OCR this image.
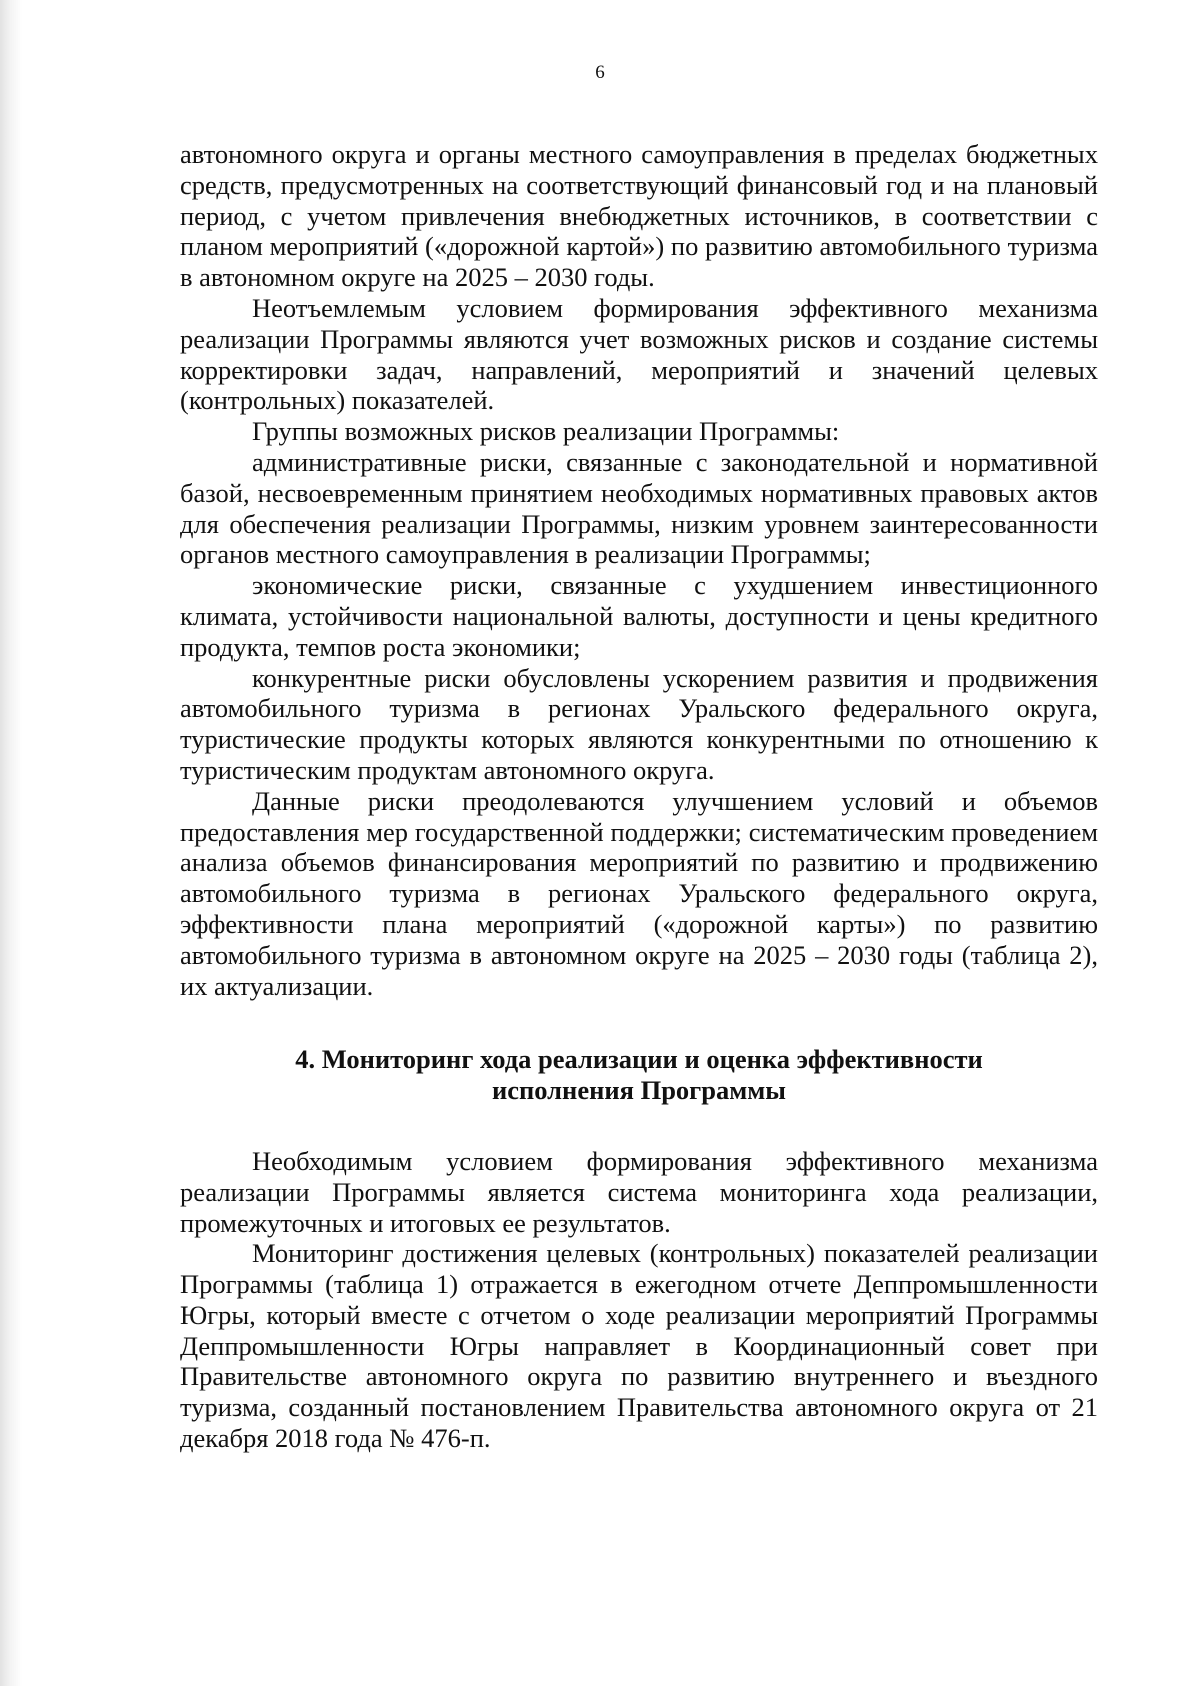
6

автономного округа и органы местного самоуправления в пределах бюджетных средств, предусмотренных на соответствующий финансовый год и на плановый период, с учетом привлечения внебюджетных источников, в соответствии с планом мероприятий («дорожной картой») по развитию автомобильного туризма в автономном округе на 2025 – 2030 годы.

Неотъемлемым условием формирования эффективного механизма реализации Программы являются учет возможных рисков и создание системы корректировки задач, направлений, мероприятий и значений целевых (контрольных) показателей.

Группы возможных рисков реализации Программы:

административные риски, связанные с законодательной и нормативной базой, несвоевременным принятием необходимых нормативных правовых актов для обеспечения реализации Программы, низким уровнем заинтересованности органов местного самоуправления в реализации Программы;

экономические риски, связанные с ухудшением инвестиционного климата, устойчивости национальной валюты, доступности и цены кредитного продукта, темпов роста экономики;

конкурентные риски обусловлены ускорением развития и продвижения автомобильного туризма в регионах Уральского федерального округа, туристические продукты которых являются конкурентными по отношению к туристическим продуктам автономного округа.

Данные риски преодолеваются улучшением условий и объемов предоставления мер государственной поддержки; систематическим проведением анализа объемов финансирования мероприятий по развитию и продвижению автомобильного туризма в регионах Уральского федерального округа, эффективности плана мероприятий («дорожной карты») по развитию автомобильного туризма в автономном округе на 2025 – 2030 годы (таблица 2), их актуализации.

4. Мониторинг хода реализации и оценка эффективности
исполнения Программы

Необходимым условием формирования эффективного механизма реализации Программы является система мониторинга хода реализации, промежуточных и итоговых ее результатов.

Мониторинг достижения целевых (контрольных) показателей реализации Программы (таблица 1) отражается в ежегодном отчете Деппромышленности Югры, который вместе с отчетом о ходе реализации мероприятий Программы Деппромышленности Югры направляет в Координационный совет при Правительстве автономного округа по развитию внутреннего и въездного туризма, созданный постановлением Правительства автономного округа от 21 декабря 2018 года № 476-п.
